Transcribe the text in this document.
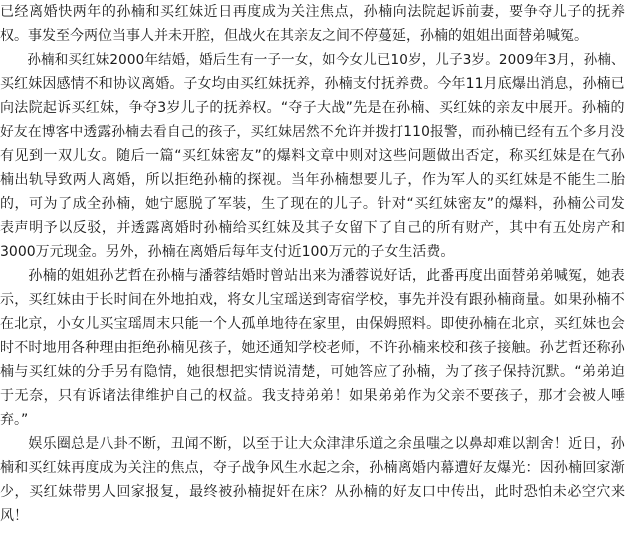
已 经 离 婚 快 两 年 的 孙 楠 和 买 红 妹 近 日 再 度 成 为 关 注 焦 点 ， 孙 楠 向 法 院 起 诉 前 妻 ， 要 争 夺 儿 子 的 抚 养
权。事发至今两位当事人并未开腔，但战火在其亲友之间不停蔓延，孙楠的姐姐出面替弟喊冤。

孙 楠 和 买 红 妹 2 0 0 0 年 结 婚 ， 婚 后 生 有 一 子 一 女 ， 如 今 女 儿 已 1 0 岁 ， 儿 子 3 岁 。 2 0 0 9 年 3 月 ， 孙 楠 、
买 红 妹 因 感 情 不 和 协 议 离 婚 。 子 女 均 由 买 红 妹 抚 养 ， 孙 楠 支 付 抚 养 费 。 今 年 1 1 月 底 爆 出 消 息 ， 孙 楠 已
向 法 院 起 诉 买 红 妹 ， 争 夺 3 岁 儿 子 的 抚 养 权 。 “ 夺 子 大 战 ” 先 是 在 孙 楠 、 买 红 妹 的 亲 友 中 展 开 。 孙 楠 的
好 友 在 博 客 中 透 露 孙 楠 去 看 自 己 的 孩 子 ， 买 红 妹 居 然 不 允 许 并 拨 打 1 1 0 报 警 ， 而 孙 楠 已 经 有 五 个 多 月 没
有 见 到 一 双 儿 女 。 随 后 一 篇 “ 买 红 妹 密 友 ” 的 爆 料 文 章 中 则 对 这 些 问 题 做 出 否 定 ， 称 买 红 妹 是 在 气 孙
楠 出 轨 导 致 两 人 离 婚 ， 所 以 拒 绝 孙 楠 的 探 视 。 当 年 孙 楠 想 要 儿 子 ， 作 为 军 人 的 买 红 妹 是 不 能 生 二 胎
的 ， 可 为 了 成 全 孙 楠 ， 她 宁 愿 脱 了 军 装 ， 生 了 现 在 的 儿 子 。 针 对 “ 买 红 妹 密 友 ” 的 爆 料 ， 孙 楠 公 司 发
表 声 明 予 以 反 驳 ， 并 透 露 离 婚 时 孙 楠 给 买 红 妹 及 其 子 女 留 下 了 自 己 的 所 有 财 产 ， 其 中 有 五 处 房 产 和
3000万元现金。另外，孙楠在离婚后每年支付近100万元的子女生活费。

孙 楠 的 姐 姐 孙 艺 哲 在 孙 楠 与 潘 蓉 结 婚 时 曾 站 出 来 为 潘 蓉 说 好 话 ， 此 番 再 度 出 面 替 弟 弟 喊 冤 ， 她 表
示 ， 买 红 妹 由 于 长 时 间 在 外 地 拍 戏 ， 将 女 儿 宝 瑶 送 到 寄 宿 学 校 ， 事 先 并 没 有 跟 孙 楠 商 量 。 如 果 孙 楠 不
在 北 京 ， 小 女 儿 买 宝 瑶 周 末 只 能 一 个 人 孤 单 地 待 在 家 里 ， 由 保 姆 照 料 。 即 使 孙 楠 在 北 京 ， 买 红 妹 也 会
时 不 时 地 用 各 种 理 由 拒 绝 孙 楠 见 孩 子 ， 她 还 通 知 学 校 老 师 ， 不 许 孙 楠 来 校 和 孩 子 接 触 。 孙 艺 哲 还 称 孙
楠 与 买 红 妹 的 分 手 另 有 隐 情 ， 她 很 想 把 实 情 说 清 楚 ， 可 她 答 应 了 孙 楠 ， 为 了 孩 子 保 持 沉 默 。 “ 弟 弟 迫
于 无 奈 ， 只 有 诉 诸 法 律 维 护 自 己 的 权 益 。 我 支 持 弟 弟 ！ 如 果 弟 弟 作 为 父 亲 不 要 孩 子 ， 那 才 会 被 人 唾
弃。”

娱 乐 圈 总 是 八 卦 不 断 ， 丑 闻 不 断 ， 以 至 于 让 大 众 津 津 乐 道 之 余 虽 嗤 之 以 鼻 却 难 以 割 舍 ！ 近 日 ， 孙
楠 和 买 红 妹 再 度 成 为 关 注 的 焦 点 ， 夺 子 战 争 风 生 水 起 之 余 ， 孙 楠 离 婚 内 幕 遭 好 友 爆 光 ： 因 孙 楠 回 家 渐
少 ， 买 红 妹 带 男 人 回 家 报 复 ， 最 终 被 孙 楠 捉 奸 在 床 ？ 从 孙 楠 的 好 友 口 中 传 出 ， 此 时 恐 怕 未 必 空 穴 来
风！
